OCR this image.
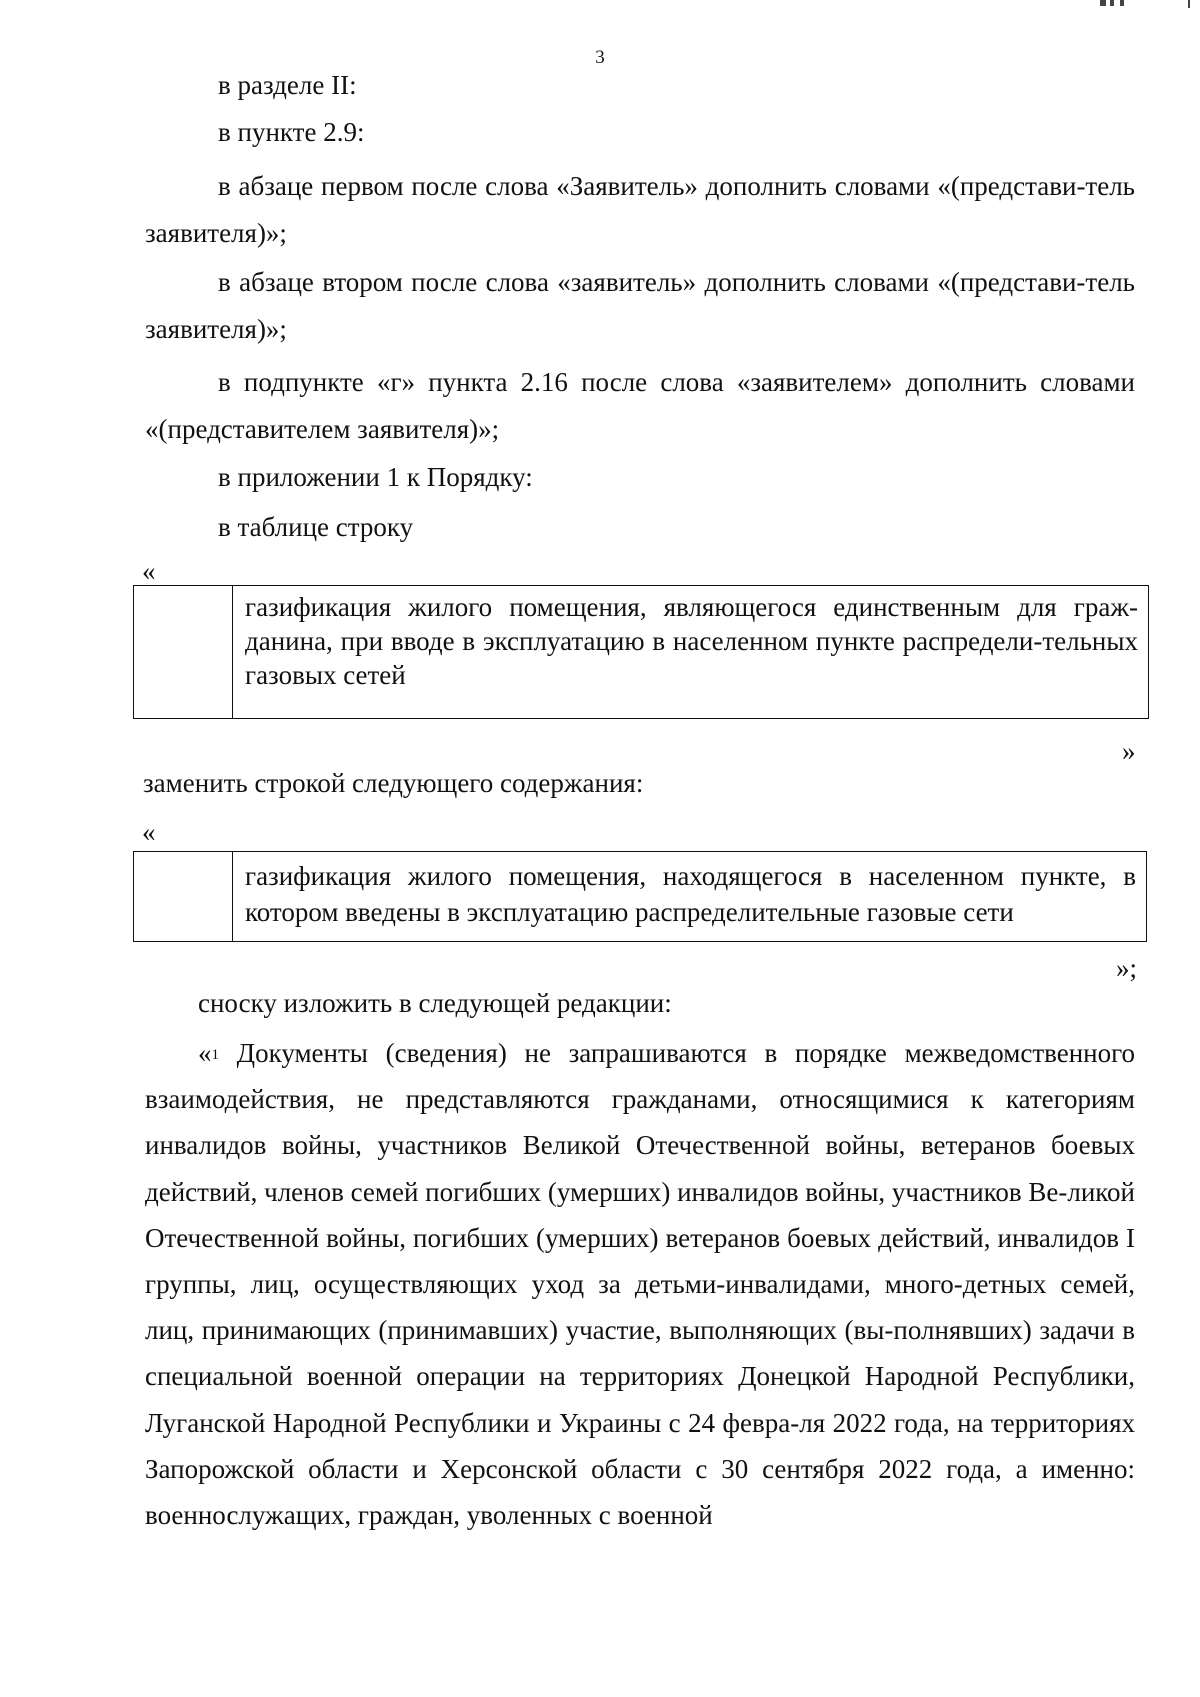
3

в разделе II:

в пункте 2.9:

в абзаце первом после слова «Заявитель» дополнить словами «(представи-тель заявителя)»;

в абзаце втором после слова «заявитель» дополнить словами «(представи-тель заявителя)»;

в подпункте «г» пункта 2.16 после слова «заявителем» дополнить словами «(представителем заявителя)»;

в приложении 1 к Порядку:

в таблице строку

«
газификация жилого помещения, являющегося единственным для граж-данина, при вводе в эксплуатацию в населенном пункте распредели-тельных газовых сетей
»

заменить строкой следующего содержания:

«
газификация жилого помещения, находящегося в населенном пункте, в котором введены в эксплуатацию распределительные газовые сети
»;

сноску изложить в следующей редакции:

«$^1$ Документы (сведения) не запрашиваются в порядке межведомственного взаимодействия, не представляются гражданами, относящимися к категориям инвалидов войны, участников Великой Отечественной войны, ветеранов боевых действий, членов семей погибших (умерших) инвалидов войны, участников Ве-ликой Отечественной войны, погибших (умерших) ветеранов боевых действий, инвалидов I группы, лиц, осуществляющих уход за детьми-инвалидами, много-детных семей, лиц, принимающих (принимавших) участие, выполняющих (вы-полнявших) задачи в специальной военной операции на территориях Донецкой Народной Республики, Луганской Народной Республики и Украины с 24 февра-ля 2022 года, на территориях Запорожской области и Херсонской области с 30 сентября 2022 года, а именно: военнослужащих, граждан, уволенных с военной
